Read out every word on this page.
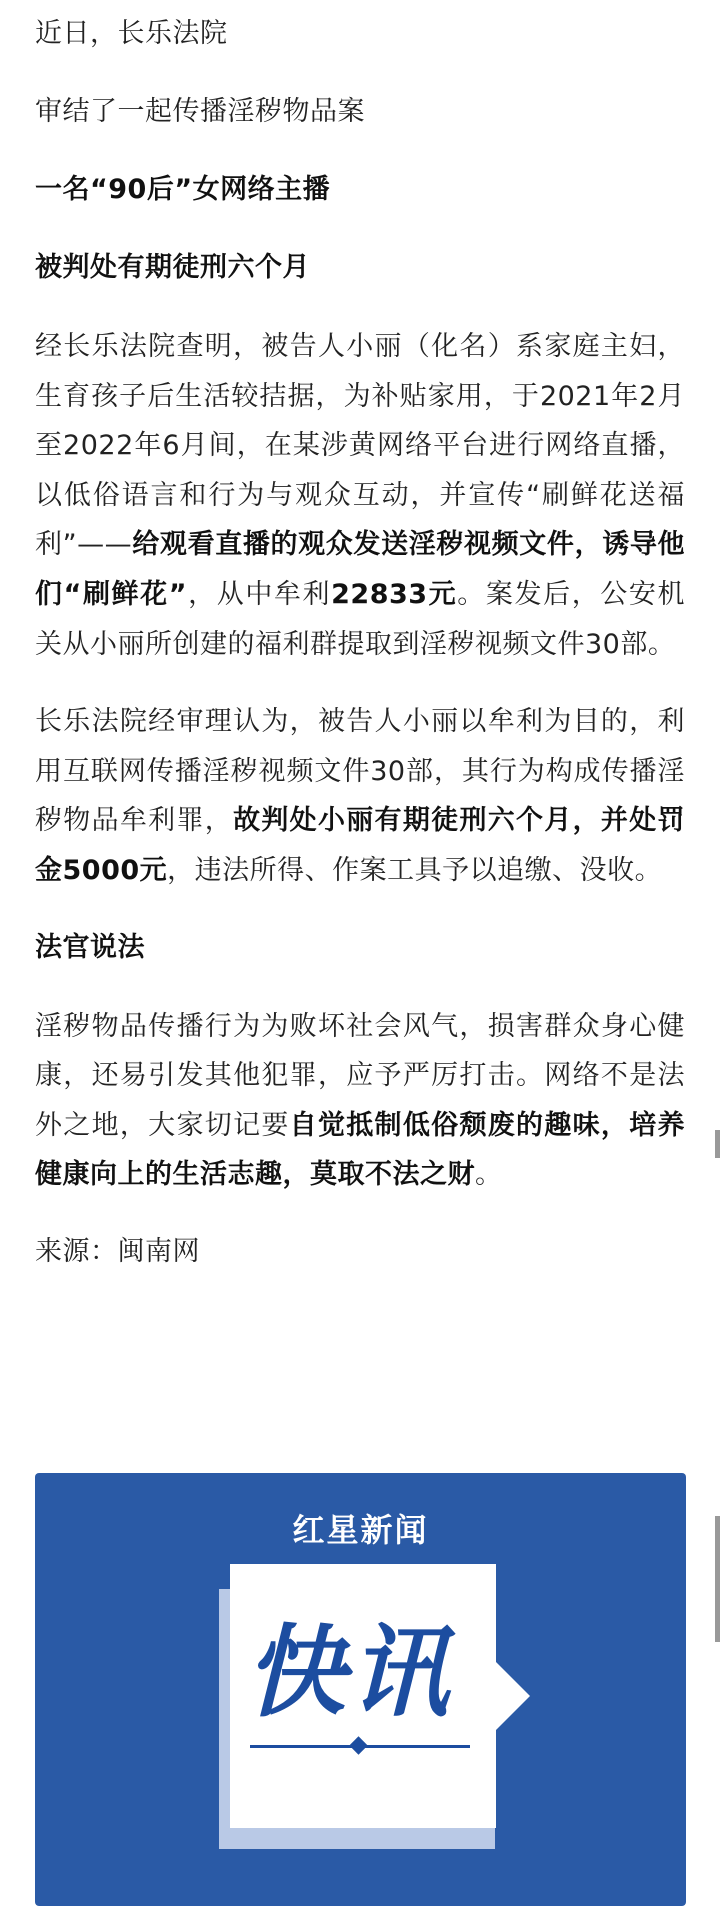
近日，长乐法院

审结了一起传播淫秽物品案

一名“90后”女网络主播

被判处有期徒刑六个月

经长乐法院查明，被告人小丽（化名）系家庭主妇，生育孩子后生活较拮据，为补贴家用，于2021年2月至2022年6月间，在某涉黄网络平台进行网络直播，以低俗语言和行为与观众互动，并宣传“刷鲜花送福利”——给观看直播的观众发送淫秽视频文件，诱导他们“刷鲜花”，从中牟利22833元。案发后，公安机关从小丽所创建的福利群提取到淫秽视频文件30部。

长乐法院经审理认为，被告人小丽以牟利为目的，利用互联网传播淫秽视频文件30部，其行为构成传播淫秽物品牟利罪，故判处小丽有期徒刑六个月，并处罚金5000元，违法所得、作案工具予以追缴、没收。

法官说法

淫秽物品传播行为为败坏社会风气，损害群众身心健康，还易引发其他犯罪，应予严厉打击。网络不是法外之地，大家切记要自觉抵制低俗颓废的趣味，培养健康向上的生活志趣，莫取不法之财。

来源：闽南网

红星新闻
快讯
